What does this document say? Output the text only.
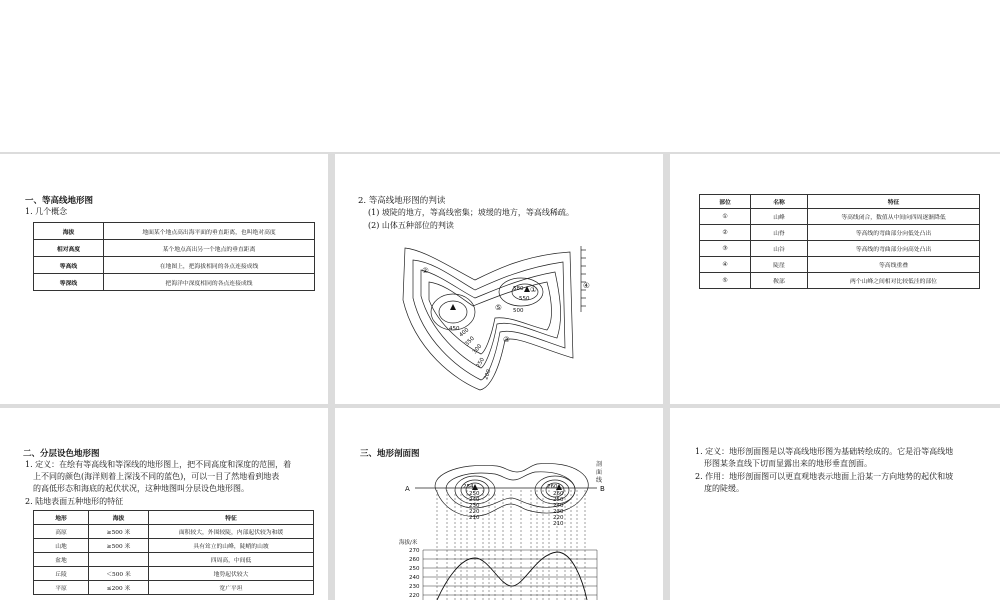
一、等高线地形图
1. 几个概念
海拔	地面某个地点高出海平面的垂直距离，也叫绝对高度
相对高度	某个地点高出另一个地点的垂直距离
等高线	在地图上，把海拔相同的各点连接成线
等深线	把海洋中深度相同的各点连接成线
2. 等高线地形图的判读
(1) 坡陡的地方，等高线密集；坡缓的地方，等高线稀疏。
(2) 山体五种部位的判读
②
①	④
⑤
③
580
550
500
450
400
350
300
250
200
部位	名称	特征
①	山峰	等高线闭合，数值从中间向四周逐渐降低
②	山脊	等高线的弯曲部分向低处凸出
③	山谷	等高线的弯曲部分向高处凸出
④	陡崖	等高线重叠
⑤	鞍部	两个山峰之间相对比较低洼的部位
二、分层设色地形图
1. 定义：在绘有等高线和等深线的地形图上，把不同高度和深度的范围，着
上不同的颜色(海洋则着上深浅不同的蓝色)，可以一目了然地看到地表
的高低形态和海底的起伏状况，这种地图叫分层设色地形图。
2. 陆地表面五种地形的特征
地形	海拔	特征
高原	≥500 米	面积较大，外围较陡，内部起伏较为和缓
山地	≥500 米	具有耸立的山峰，陡峭的山坡
盆地		四周高，中间低
丘陵	＜500 米	地势起伏较大
平原	≤200 米	宽广平坦
三、地形剖面图
A	B
剖面线
254	260
250
240
230
220
210
260
250
240
230
220
210
海拔/米
270
260
250
240
230
220
1. 定义：地形剖面图是以等高线地形图为基础转绘成的。它是沿等高线地
形图某条直线下切而显露出来的地形垂直剖面。
2. 作用：地形剖面图可以更直观地表示地面上沿某一方向地势的起伏和坡
度的陡缓。
